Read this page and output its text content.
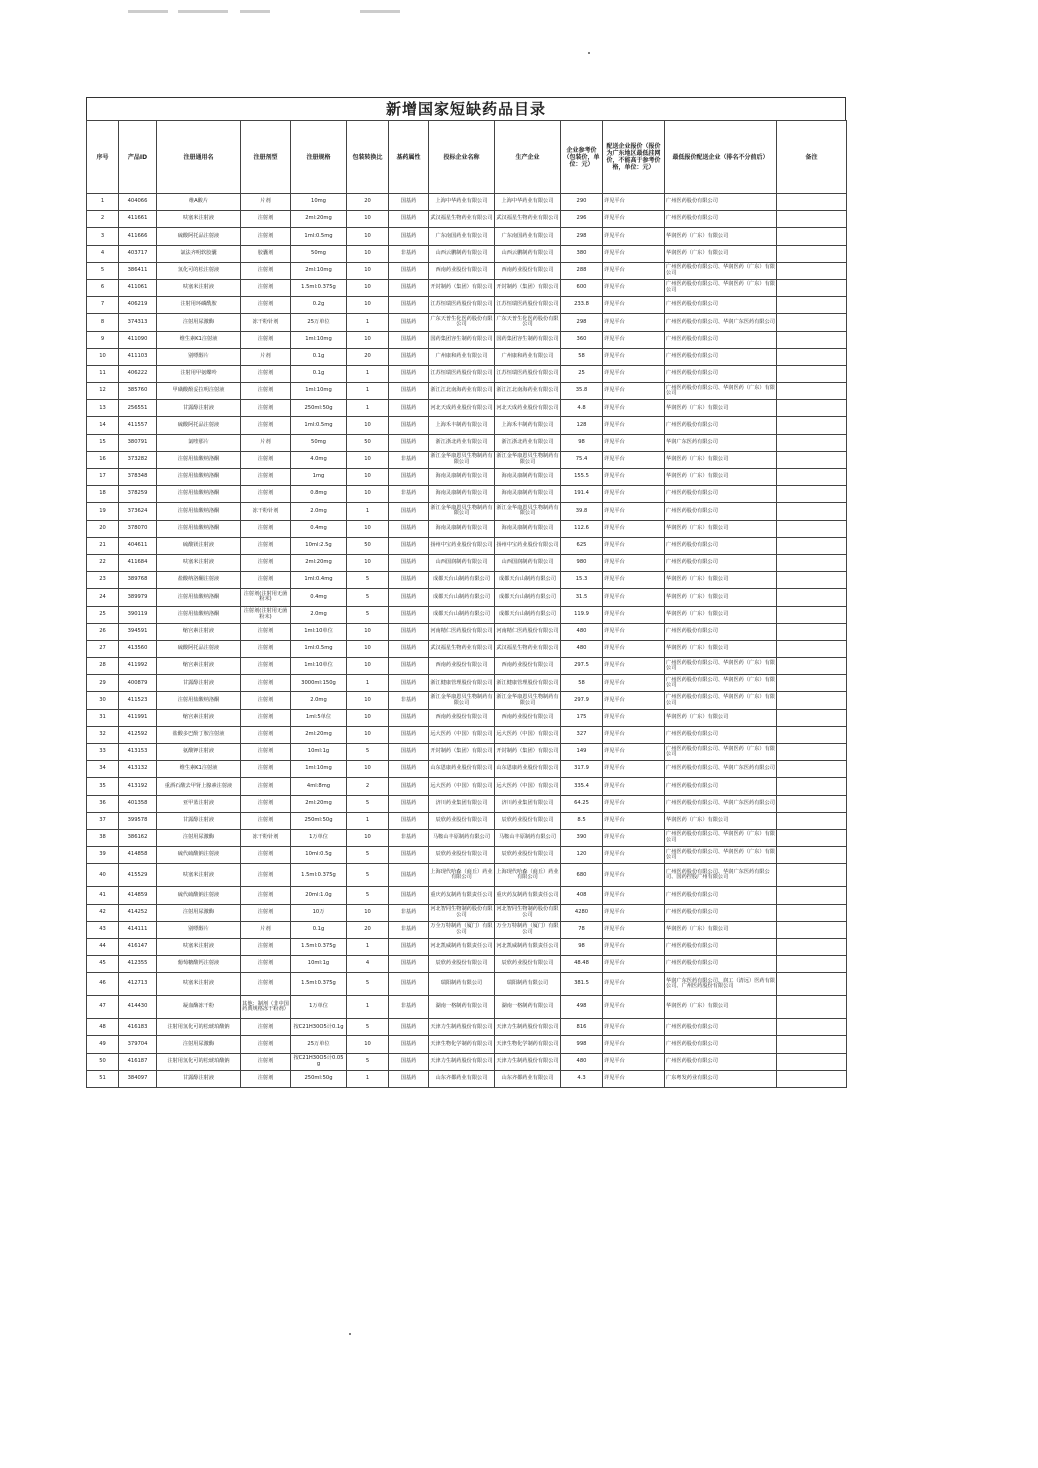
新增国家短缺药品目录
序号	产品ID	注册通用名	注册剂型	注册规格	包装转换比	基药属性	投标企业名称	生产企业	企业参考价（包装价，单位：元）	配送企业报价（报价为广东地区最低挂网价，不能高于参考价格，单位：元）	最低报价配送企业（排名不分前后）	备注
1	404066	维A酸片	片剂	10mg	20	国基药	上海中华药业有限公司	上海中华药业有限公司	290	详见平台	广州医药股份有限公司	
2	411661	呋塞米注射液	注射剂	2ml:20mg	10	国基药	武汉福星生物药业有限公司	武汉福星生物药业有限公司	296	详见平台	广州医药股份有限公司	
3	411666	硫酸阿托品注射液	注射剂	1ml:0.5mg	10	国基药	广东南国药业有限公司	广东南国药业有限公司	298	详见平台	华润医药（广东）有限公司	
4	403717	氯法齐明软胶囊	胶囊剂	50mg	10	非基药	山西云鹏制药有限公司	山西云鹏制药有限公司	380	详见平台	华润医药（广东）有限公司	
5	386411	氢化可的松注射液	注射剂	2ml:10mg	10	国基药	西南药业股份有限公司	西南药业股份有限公司	288	详见平台	广州医药股份有限公司、华润医药（广东）有限公司	
6	411061	呋塞米注射液	注射剂	1.5ml:0.375g	10	国基药	开封制药（集团）有限公司	开封制药（集团）有限公司	600	详见平台	广州医药股份有限公司、华润医药（广东）有限公司	
7	406219	注射用环磷酰胺	注射剂	0.2g	10	国基药	江苏恒瑞医药股份有限公司	江苏恒瑞医药股份有限公司	233.8	详见平台	广州医药股份有限公司	
8	374313	注射用尿激酶	冻干粉针剂	25万单位	1	国基药	广东天普生化医药股份有限公司	广东天普生化医药股份有限公司	298	详见平台	广州医药股份有限公司、华润广东医药有限公司	
9	411090	维生素K1注射液	注射剂	1ml:10mg	10	国基药	国药集团容生制药有限公司	国药集团容生制药有限公司	360	详见平台	广州医药股份有限公司	
10	411103	别嘌醇片	片剂	0.1g	20	国基药	广州康和药业有限公司	广州康和药业有限公司	58	详见平台	广州医药股份有限公司	
11	406222	注射用甲氨蝶呤	注射剂	0.1g	1	国基药	江苏恒瑞医药股份有限公司	江苏恒瑞医药股份有限公司	25	详见平台	广州医药股份有限公司	
12	385760	甲磺酸酚妥拉明注射液	注射剂	1ml:10mg	1	国基药	浙江江北南海药业有限公司	浙江江北南海药业有限公司	35.8	详见平台	广州医药股份有限公司、华润医药（广东）有限公司	
13	256551	甘露醇注射液	注射剂	250ml:50g	1	国基药	河北天成药业股份有限公司	河北天成药业股份有限公司	4.8	详见平台	华润医药（广东）有限公司	
14	411557	硫酸阿托品注射液	注射剂	1ml:0.5mg	10	国基药	上海禾丰制药有限公司	上海禾丰制药有限公司	128	详见平台	广州医药股份有限公司	
15	380791	氯喹那片	片剂	50mg	50	国基药	浙江浙北药业有限公司	浙江浙北药业有限公司	98	详见平台	华润广东医药有限公司	
16	373282	注射用盐酸纳洛酮	注射剂	4.0mg	10	非基药	浙江金华康恩贝生物制药有限公司	浙江金华康恩贝生物制药有限公司	75.4	详见平台	华润医药（广东）有限公司	
17	378348	注射用盐酸纳洛酮	注射剂	1mg	10	国基药	海南灵康制药有限公司	海南灵康制药有限公司	155.5	详见平台	华润医药（广东）有限公司	
18	378259	注射用盐酸纳洛酮	注射剂	0.8mg	10	非基药	海南灵康制药有限公司	海南灵康制药有限公司	191.4	详见平台	广州医药股份有限公司	
19	373624	注射用盐酸纳洛酮	冻干粉针剂	2.0mg	1	国基药	浙江金华康恩贝生物制药有限公司	浙江金华康恩贝生物制药有限公司	39.8	详见平台	广州医药股份有限公司	
20	378070	注射用盐酸纳洛酮	注射剂	0.4mg	10	国基药	海南灵康制药有限公司	海南灵康制药有限公司	112.6	详见平台	华润医药（广东）有限公司	
21	404611	硫酸镁注射液	注射剂	10ml:2.5g	50	国基药	扬州中宝药业股份有限公司	扬州中宝药业股份有限公司	625	详见平台	广州医药股份有限公司	
22	411684	呋塞米注射液	注射剂	2ml:20mg	10	国基药	山西国润制药有限公司	山西国润制药有限公司	980	详见平台	广州医药股份有限公司	
23	389768	盐酸纳洛酮注射液	注射剂	1ml:0.4mg	5	国基药	成都天台山制药有限公司	成都天台山制药有限公司	15.3	详见平台	华润医药（广东）有限公司	
24	389979	注射用盐酸纳洛酮	注射剂(注射用无菌粉末)	0.4mg	5	国基药	成都天台山制药有限公司	成都天台山制药有限公司	31.5	详见平台	华润医药（广东）有限公司	
25	390119	注射用盐酸纳洛酮	注射剂(注射用无菌粉末)	2.0mg	5	国基药	成都天台山制药有限公司	成都天台山制药有限公司	119.9	详见平台	华润医药（广东）有限公司	
26	394591	缩宫素注射液	注射剂	1ml:10单位	10	国基药	河南精仁医药股份有限公司	河南精仁医药股份有限公司	480	详见平台	广州医药股份有限公司	
27	413560	硫酸阿托品注射液	注射剂	1ml:0.5mg	10	国基药	武汉福星生物药业有限公司	武汉福星生物药业有限公司	480	详见平台	华润医药（广东）有限公司	
28	411992	缩宫素注射液	注射剂	1ml:10单位	10	国基药	西南药业股份有限公司	西南药业股份有限公司	297.5	详见平台	广州医药股份有限公司、华润医药（广东）有限公司	
29	400879	甘露醇注射液	注射剂	3000ml:150g	1	国基药	浙江健康管理股份有限公司	浙江健康管理股份有限公司	58	详见平台	广州医药股份有限公司、华润医药（广东）有限公司	
30	411523	注射用盐酸纳洛酮	注射剂	2.0mg	10	非基药	浙江金华康恩贝生物制药有限公司	浙江金华康恩贝生物制药有限公司	297.9	详见平台	广州医药股份有限公司、华润医药（广东）有限公司	
31	411991	缩宫素注射液	注射剂	1ml:5单位	10	国基药	西南药业股份有限公司	西南药业股份有限公司	175	详见平台	华润医药（广东）有限公司	
32	412592	盐酸多巴酚丁胺注射液	注射剂	2ml:20mg	10	国基药	远大医药（中国）有限公司	远大医药（中国）有限公司	327	详见平台	广州医药股份有限公司	
33	413153	氨酸钾注射液	注射剂	10ml:1g	5	国基药	开封制药（集团）有限公司	开封制药（集团）有限公司	149	详见平台	广州医药股份有限公司、华润医药（广东）有限公司	
34	413132	维生素K1注射液	注射剂	1ml:10mg	10	国基药	山东恩康药业股份有限公司	山东恩康药业股份有限公司	317.9	详见平台	广州医药股份有限公司、华润广东医药有限公司	
35	413192	重酒石酸去甲肾上腺素注射液	注射剂	4ml:8mg	2	国基药	远大医药（中国）有限公司	远大医药（中国）有限公司	335.4	详见平台	广州医药股份有限公司	
36	401358	亚甲蓝注射液	注射剂	2ml:20mg	5	国基药	济川药业集团有限公司	济川药业集团有限公司	64.25	详见平台	广州医药股份有限公司、华润广东医药有限公司	
37	399578	甘露醇注射液	注射剂	250ml:50g	1	国基药	辰欣药业股份有限公司	辰欣药业股份有限公司	8.5	详见平台	华润医药（广东）有限公司	
38	386162	注射用尿激酶	冻干粉针剂	1万单位	10	非基药	马鞍山丰原制药有限公司	马鞍山丰原制药有限公司	390	详见平台	广州医药股份有限公司、华润医药（广东）有限公司	
39	414858	硫代硫酸钠注射液	注射剂	10ml:0.5g	5	国基药	辰欣药业股份有限公司	辰欣药业股份有限公司	120	详见平台	广州医药股份有限公司、华润医药（广东）有限公司	
40	415529	呋塞米注射液	注射剂	1.5ml:0.375g	5	国基药	上海现代哈森（商丘）药业有限公司	上海现代哈森（商丘）药业有限公司	680	详见平台	广州医药股份有限公司、华润广东医药有限公司、国药控股广州有限公司	
41	414859	硫代硫酸钠注射液	注射剂	20ml:1.0g	5	国基药	重庆药友制药有限责任公司	重庆药友制药有限责任公司	408	详见平台	广州医药股份有限公司	
42	414252	注射用尿激酶	注射剂	10万	10	非基药	河北智同生物制药股份有限公司	河北智同生物制药股份有限公司	4280	详见平台	广州医药股份有限公司	
43	414111	别嘌醇片	片剂	0.1g	20	非基药	万全万特制药（厦门）有限公司	万全万特制药（厦门）有限公司	78	详见平台	华润医药（广东）有限公司	
44	416147	呋塞米注射液	注射剂	1.5ml:0.375g	1	国基药	河北凯威制药有限责任公司	河北凯威制药有限责任公司	98	详见平台	广州医药股份有限公司	
45	412355	葡萄糖酸钙注射液	注射剂	10ml:1g	4	国基药	辰欣药业股份有限公司	辰欣药业股份有限公司	48.48	详见平台	广州医药股份有限公司	
46	412713	呋塞米注射液	注射剂	1.5ml:0.375g	5	国基药	瑞阳制药有限公司	瑞阳制药有限公司	381.5	详见平台	华润广东医药有限公司、润工（清远）医药有限公司、广州医药股份有限公司	
47	414430	凝血酶冻干粉	其他：制剂（非中国药典规格冻干粉剂）	1万单位	1	非基药	湖南一格制药有限公司	湖南一格制药有限公司	498	详见平台	华润医药（广东）有限公司	
48	416183	注射用氢化可的松琥珀酸钠	注射剂	按C21H30O5计0.1g	5	国基药	天津力生制药股份有限公司	天津力生制药股份有限公司	816	详见平台	广州医药股份有限公司	
49	379704	注射用尿激酶	注射剂	25万单位	10	国基药	天津生物化学制药有限公司	天津生物化学制药有限公司	998	详见平台	广州医药股份有限公司	
50	416187	注射用氢化可的松琥珀酸钠	注射剂	按C21H30O5计0.05g	5	国基药	天津力生制药股份有限公司	天津力生制药股份有限公司	480	详见平台	广州医药股份有限公司	
51	384097	甘露醇注射液	注射剂	250ml:50g	1	国基药	山东齐都药业有限公司	山东齐都药业有限公司	4.3	详见平台	广东粤发药业有限公司	
